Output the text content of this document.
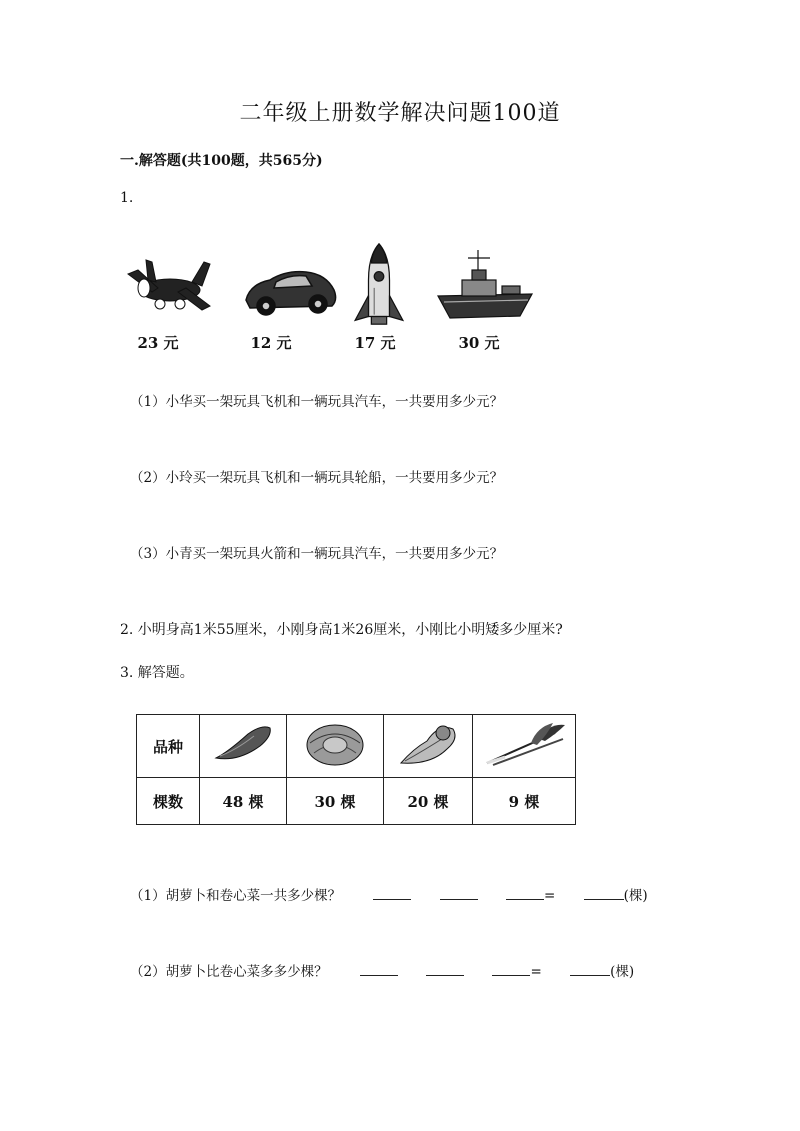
二年级上册数学解决问题100道
一.解答题(共100题，共565分)
1.
23 元	12 元	17 元	30 元
（1）小华买一架玩具飞机和一辆玩具汽车，一共要用多少元？
（2）小玲买一架玩具飞机和一辆玩具轮船，一共要用多少元？
（3）小青买一架玩具火箭和一辆玩具汽车，一共要用多少元？
2. 小明身高1米55厘米，小刚身高1米26厘米，小刚比小明矮多少厘米?
3. 解答题。
品种				
棵数	48 棵	30 棵	20 棵	9 棵
（1）胡萝卜和卷心菜一共多少棵？	=	(棵)
（2）胡萝卜比卷心菜多多少棵？	=	(棵)
